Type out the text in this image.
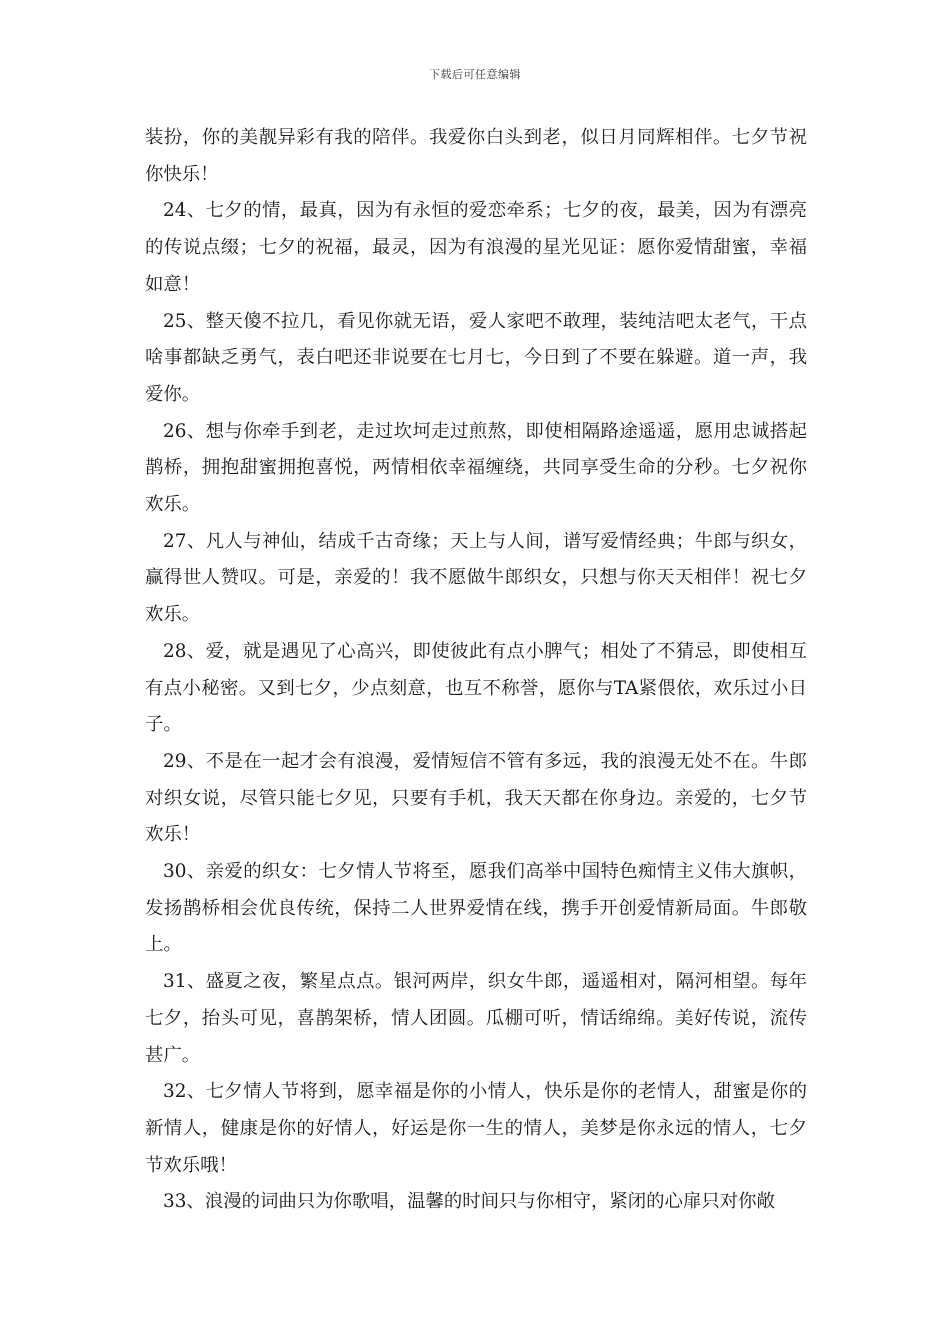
下载后可任意编辑

装扮，你的美靓异彩有我的陪伴。我爱你白头到老，似日月同辉相伴。七夕节祝你快乐！

24、七夕的情，最真，因为有永恒的爱恋牵系；七夕的夜，最美，因为有漂亮的传说点缀；七夕的祝福，最灵，因为有浪漫的星光见证：愿你爱情甜蜜，幸福如意！

25、整天傻不拉几，看见你就无语，爱人家吧不敢理，装纯洁吧太老气，干点啥事都缺乏勇气，表白吧还非说要在七月七，今日到了不要在躲避。道一声，我爱你。

26、想与你牵手到老，走过坎坷走过煎熬，即使相隔路途遥遥，愿用忠诚搭起鹊桥，拥抱甜蜜拥抱喜悦，两情相依幸福缠绕，共同享受生命的分秒。七夕祝你欢乐。

27、凡人与神仙，结成千古奇缘；天上与人间，谱写爱情经典；牛郎与织女，赢得世人赞叹。可是，亲爱的！我不愿做牛郎织女，只想与你天天相伴！祝七夕欢乐。

28、爱，就是遇见了心高兴，即使彼此有点小脾气；相处了不猜忌，即使相互有点小秘密。又到七夕，少点刻意，也互不称誉，愿你与TA紧偎依，欢乐过小日子。

29、不是在一起才会有浪漫，爱情短信不管有多远，我的浪漫无处不在。牛郎对织女说，尽管只能七夕见，只要有手机，我天天都在你身边。亲爱的，七夕节欢乐！

30、亲爱的织女：七夕情人节将至，愿我们高举中国特色痴情主义伟大旗帜，发扬鹊桥相会优良传统，保持二人世界爱情在线，携手开创爱情新局面。牛郎敬上。

31、盛夏之夜，繁星点点。银河两岸，织女牛郎，遥遥相对，隔河相望。每年七夕，抬头可见，喜鹊架桥，情人团圆。瓜棚可听，情话绵绵。美好传说，流传甚广。

32、七夕情人节将到，愿幸福是你的小情人，快乐是你的老情人，甜蜜是你的新情人，健康是你的好情人，好运是你一生的情人，美梦是你永远的情人，七夕节欢乐哦！

33、浪漫的词曲只为你歌唱，温馨的时间只与你相守，紧闭的心扉只对你敞
